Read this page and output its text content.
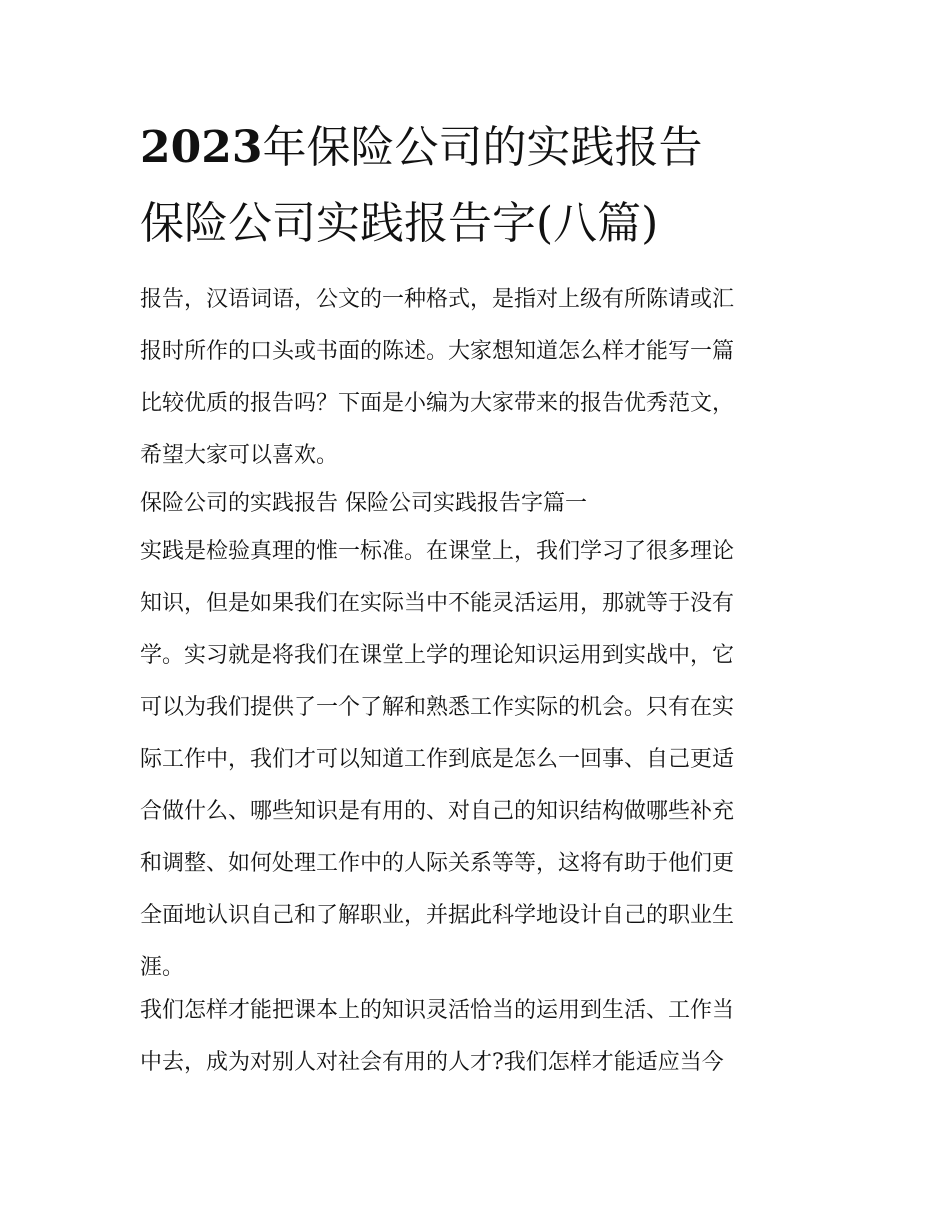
2023年保险公司的实践报告
保险公司实践报告字(八篇)
报告，汉语词语，公文的一种格式，是指对上级有所陈请或汇
报时所作的口头或书面的陈述。大家想知道怎么样才能写一篇
比较优质的报告吗？下面是小编为大家带来的报告优秀范文，
希望大家可以喜欢。
保险公司的实践报告 保险公司实践报告字篇一
实践是检验真理的惟一标准。在课堂上，我们学习了很多理论
知识，但是如果我们在实际当中不能灵活运用，那就等于没有
学。实习就是将我们在课堂上学的理论知识运用到实战中，它
可以为我们提供了一个了解和熟悉工作实际的机会。只有在实
际工作中，我们才可以知道工作到底是怎么一回事、自己更适
合做什么、哪些知识是有用的、对自己的知识结构做哪些补充
和调整、如何处理工作中的人际关系等等，这将有助于他们更
全面地认识自己和了解职业，并据此科学地设计自己的职业生
涯。
我们怎样才能把课本上的知识灵活恰当的运用到生活、工作当
中去，成为对别人对社会有用的人才?我们怎样才能适应当今
